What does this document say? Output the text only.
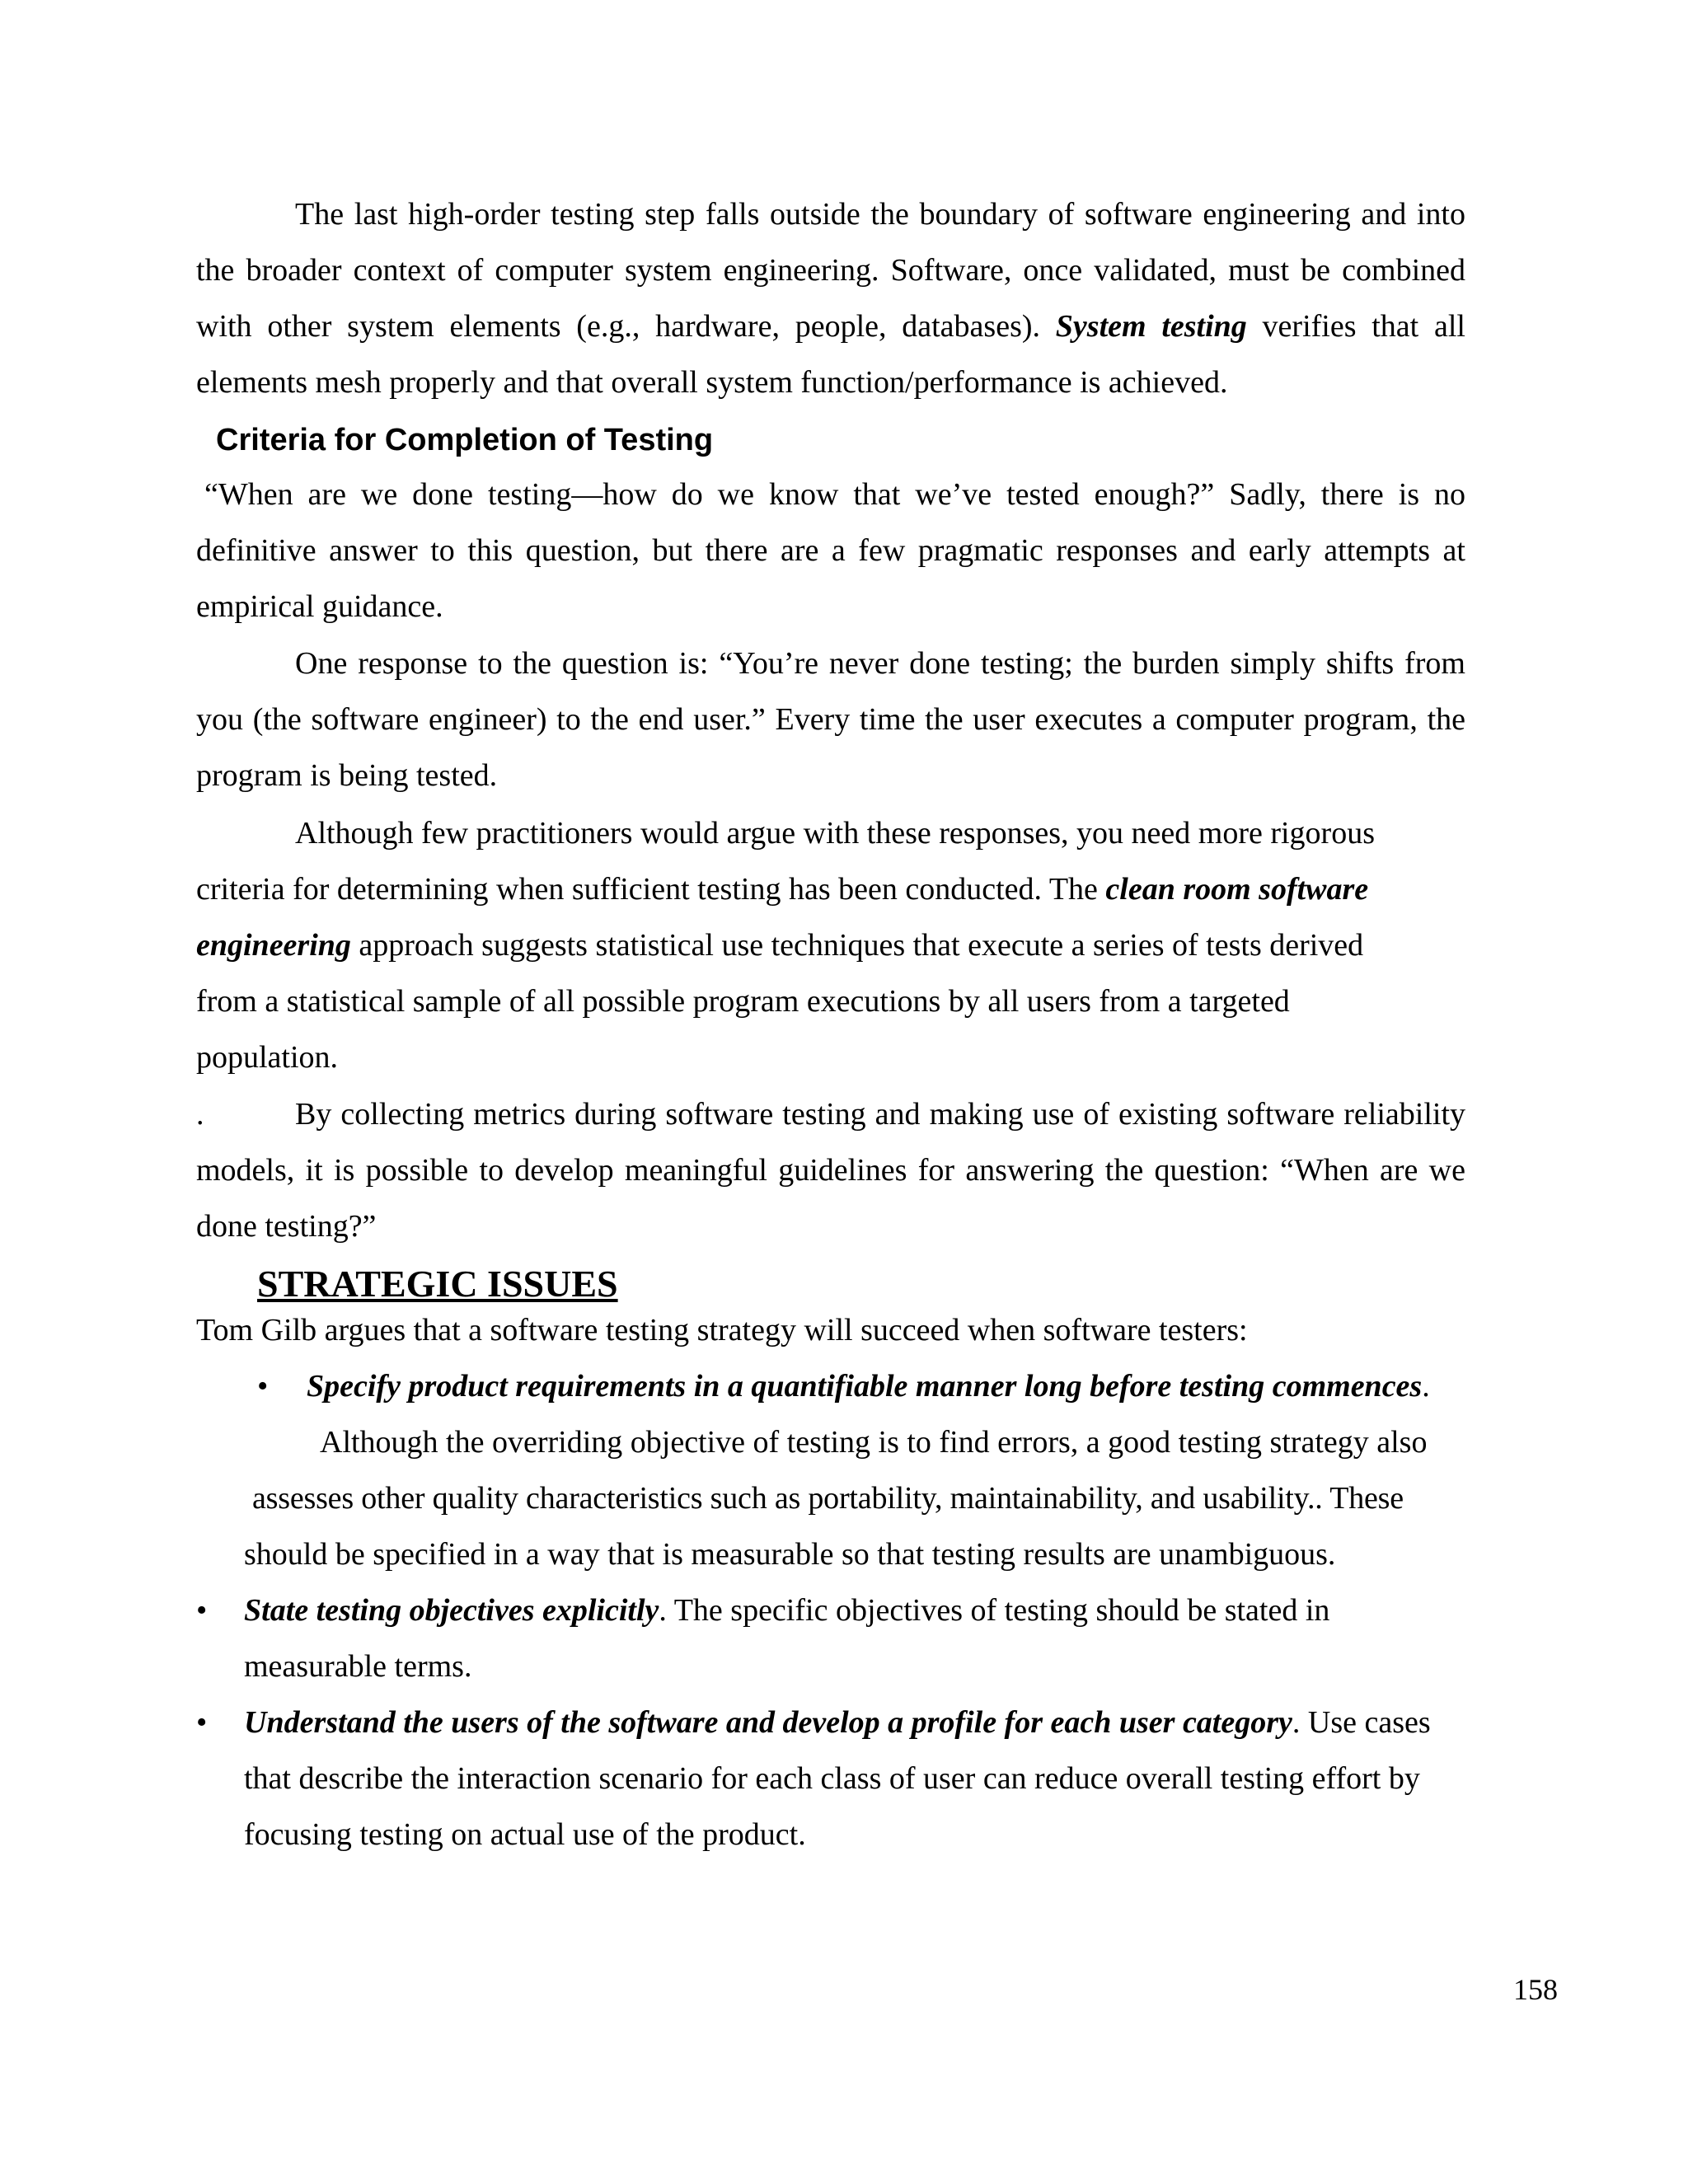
The last high-order testing step falls outside the boundary of software engineering and into the broader context of computer system engineering. Software, once validated, must be combined with other system elements (e.g., hardware, people, databases). System testing verifies that all elements mesh properly and that overall system function/performance is achieved.

Criteria for Completion of Testing

“When are we done testing—how do we know that we’ve tested enough?” Sadly, there is no definitive answer to this question, but there are a few pragmatic responses and early attempts at empirical guidance.

One response to the question is: “You’re never done testing; the burden simply shifts from you (the software engineer) to the end user.” Every time the user executes a computer program, the program is being tested.

Although few practitioners would argue with these responses, you need more rigorous
criteria for determining when sufficient testing has been conducted. The clean room software
engineering approach suggests statistical use techniques that execute a series of tests derived
from a statistical sample of all possible program executions by all users from a targeted
population.

.	By collecting metrics during software testing and making use of existing software reliability models, it is possible to develop meaningful guidelines for answering the question: “When are we done testing?”

STRATEGIC ISSUES

Tom Gilb argues that a software testing strategy will succeed when software testers:

• Specify product requirements in a quantifiable manner long before testing commences.

Although the overriding objective of testing is to find errors, a good testing strategy also
assesses other quality characteristics such as portability, maintainability, and usability.. These
should be specified in a way that is measurable so that testing results are unambiguous.
• State testing objectives explicitly. The specific objectives of testing should be stated in measurable terms.

• Understand the users of the software and develop a profile for each user category. Use cases that describe the interaction scenario for each class of user can reduce overall testing effort by focusing testing on actual use of the product.

158
